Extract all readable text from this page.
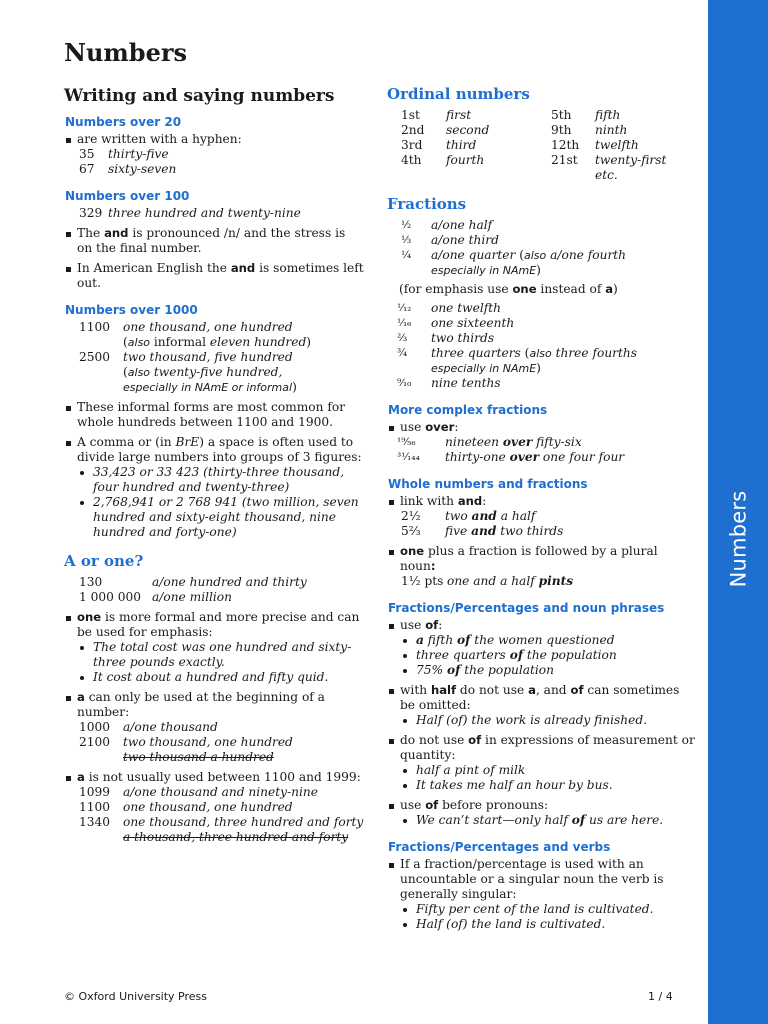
Numbers
Numbers
Writing and saying numbers
Numbers over 20

are written with a hyphen:

35	thirty-five
67	sixty-seven
Numbers over 100
329 three hundred and twenty-nine

The and is pronounced /n/ and the stress is on the final number.

In American English the and is sometimes left out.

Numbers over 1000
1100	one thousand, one hundred
(also informal eleven hundred)
2500	two thousand, five hundred
(also twenty-five hundred,
especially in NAmE or informal)

These informal forms are most common for whole hundreds between 1100 and 1900.

A comma or (in BrE) a space is often used to divide large numbers into groups of 3 figures:

33,423 or 33 423 (thirty-three thousand, four hundred and twenty-three)

2,768,941 or 2 768 941 (two million, seven hundred and sixty-eight thousand, nine hundred and forty-one)

A or one?
130	a/one hundred and thirty
1 000 000 a/one million

one is more formal and more precise and can be used for emphasis:

The total cost was one hundred and sixty-three pounds exactly.

It cost about a hundred and fifty quid.

a can only be used at the beginning of a number:

1000	a/one thousand
2100	two thousand, one hundred
two thousand a hundred

a is not usually used between 1100 and 1999:

1099	a/one thousand and ninety-nine
1100	one thousand, one hundred
1340	one thousand, three hundred and forty
a thousand, three hundred and forty
Ordinal numbers
1st	first	5th	fifth
2nd	second	9th	ninth
3rd	third	12th	twelfth
4th	fourth	21st	twenty-first
etc.
Fractions
½	a/one half
⅓	a/one third
¼	a/one quarter (also a/one fourth
especially in NAmE)
(for emphasis use one instead of a)
¹⁄₁₂	one twelfth
¹⁄₁₆	one sixteenth
⅔	two thirds
¾	three quarters (also three fourths
especially in NAmE)
⁹⁄₁₀	nine tenths
More complex fractions

use over:

¹⁹⁄₅₆	nineteen over fifty-six
³¹⁄₁₄₄	thirty-one over one four four
Whole numbers and fractions

link with and:

2½	two and a half
5⅔	five and two thirds

one plus a fraction is followed by a plural noun:

1½ pts one and a half pints
Fractions/Percentages and noun phrases

use of:

a fifth of the women questioned

three quarters of the population

75% of the population

with half do not use a, and of can sometimes be omitted:

Half (of) the work is already finished.

do not use of in expressions of measurement or quantity:

half a pint of milk

It takes me half an hour by bus.

use of before pronouns:

We can’t start—only half of us are here.

Fractions/Percentages and verbs

If a fraction/percentage is used with an uncountable or a singular noun the verb is generally singular:

Fifty per cent of the land is cultivated.

Half (of) the land is cultivated.

© Oxford University Press	1 / 4
